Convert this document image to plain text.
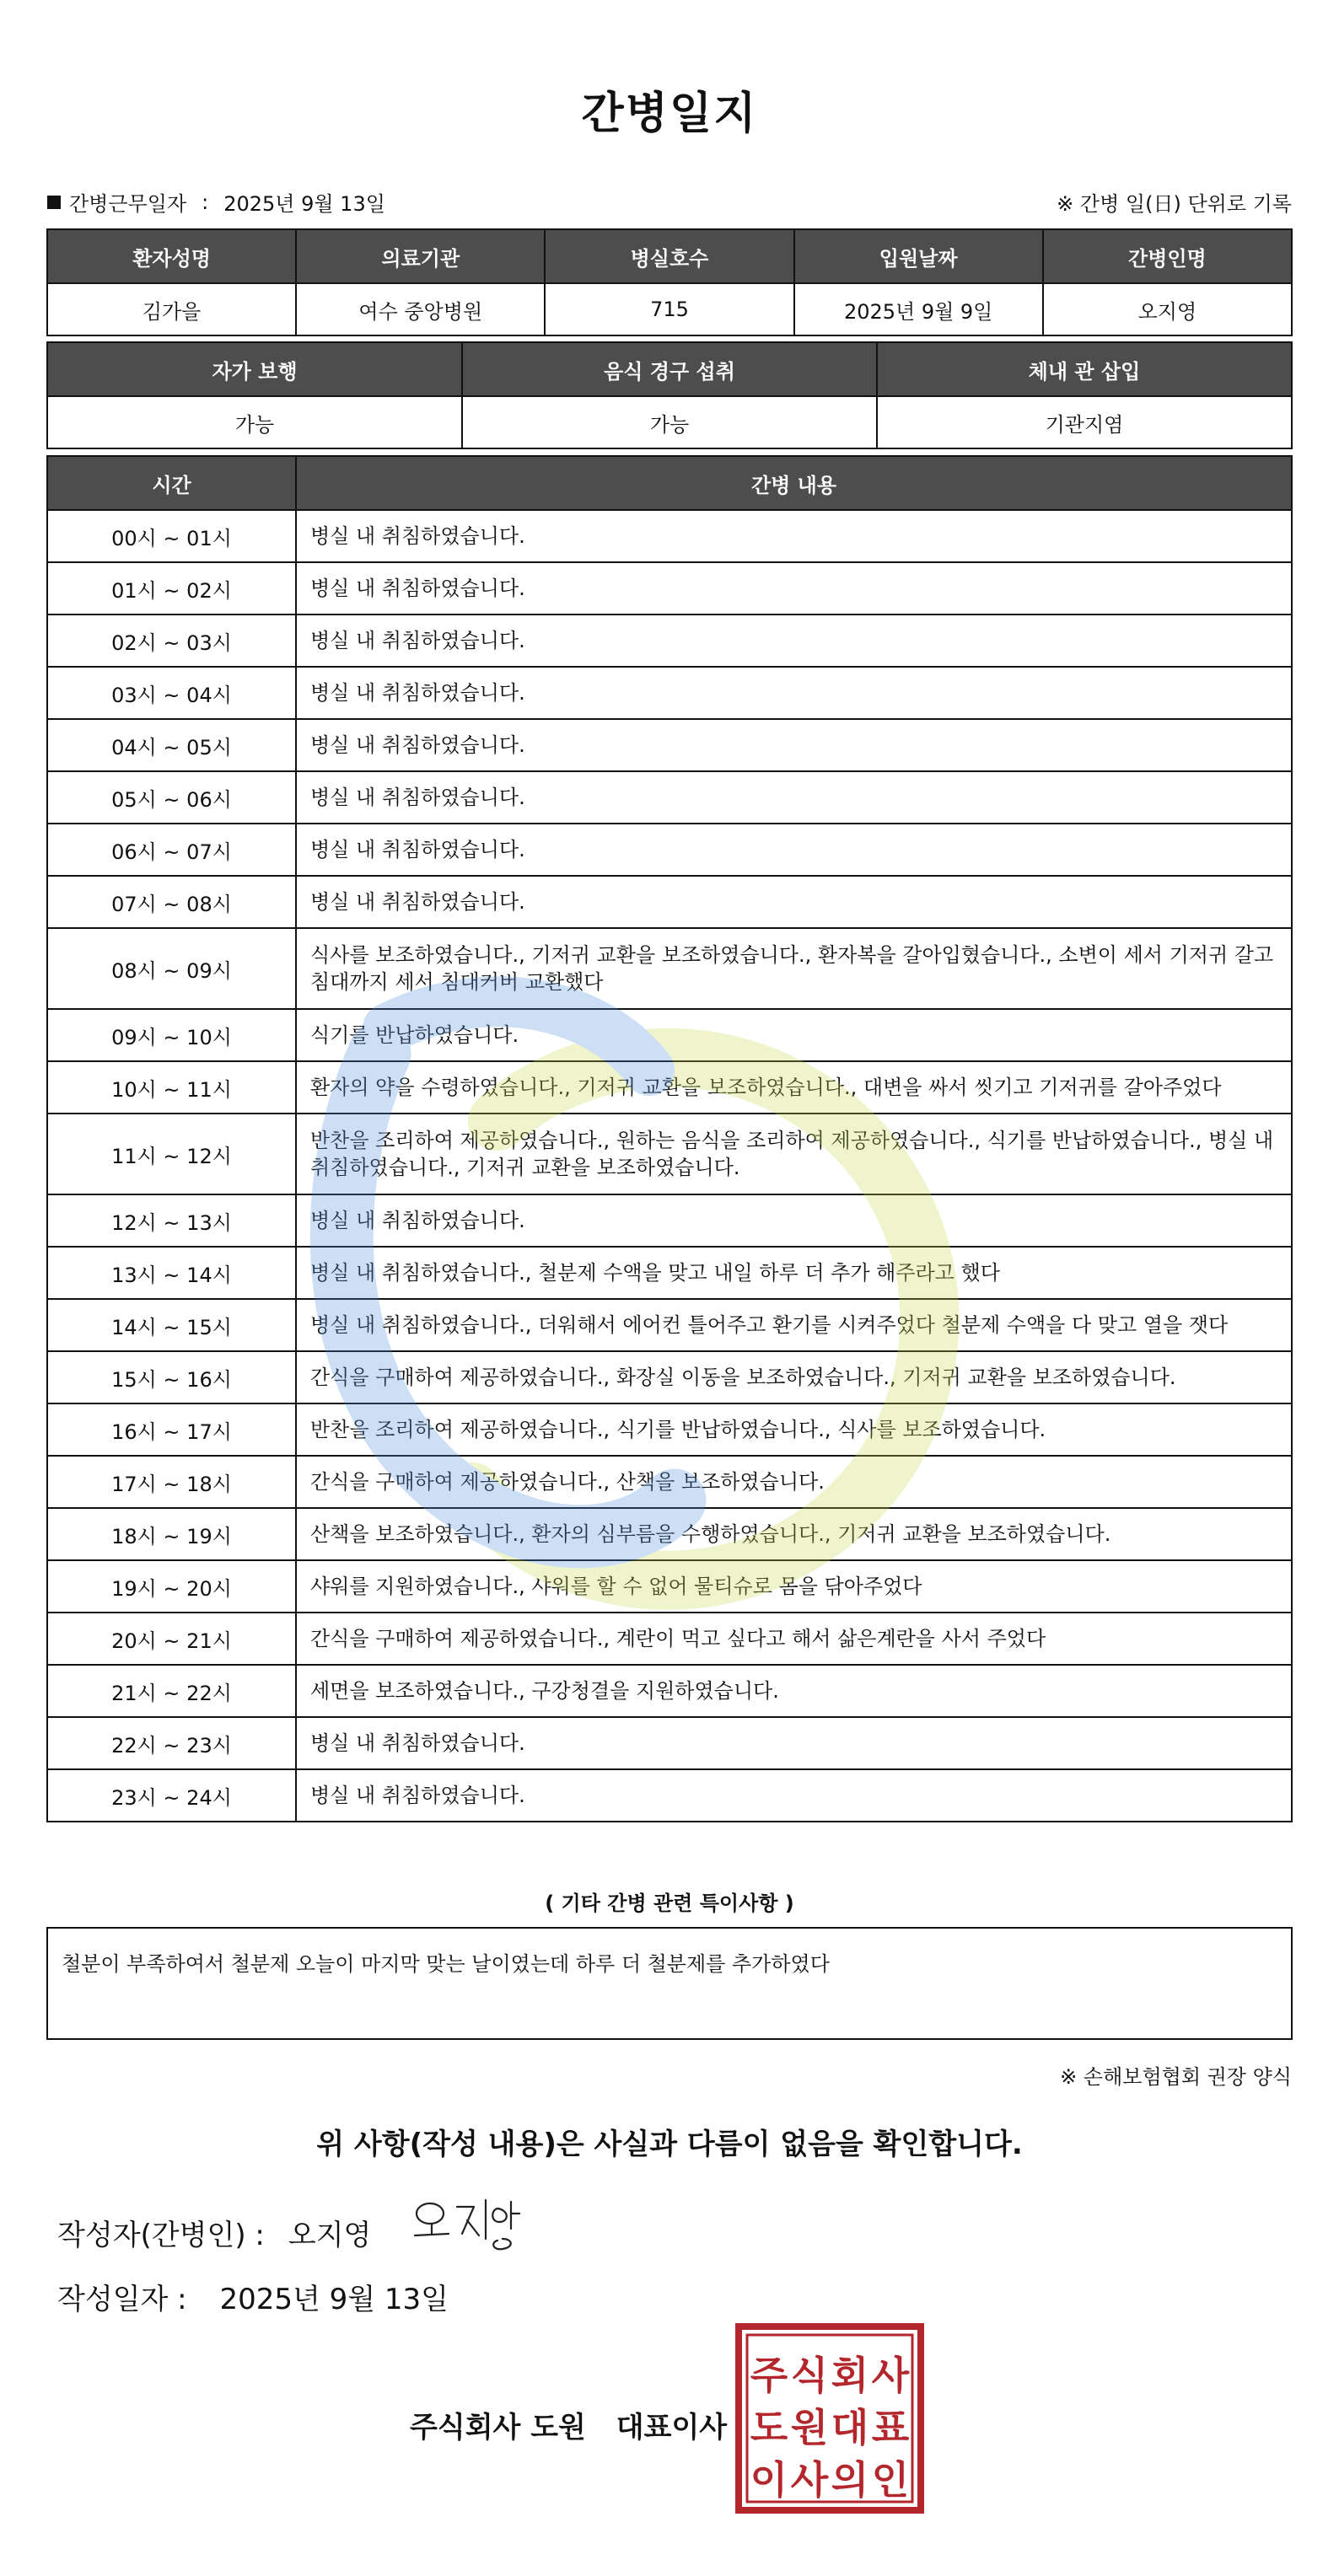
간병일지
간병근무일자 : 2025년 9월 13일	※ 간병 일(日) 단위로 기록
환자성명	의료기관	병실호수	입원날짜	간병인명
김가을	여수 중앙병원	715	2025년 9월 9일	오지영
자가 보행	음식 경구 섭취	체내 관 삽입
가능	가능	기관지염
시간	간병 내용
00시 ~ 01시	병실 내 취침하였습니다.
01시 ~ 02시	병실 내 취침하였습니다.
02시 ~ 03시	병실 내 취침하였습니다.
03시 ~ 04시	병실 내 취침하였습니다.
04시 ~ 05시	병실 내 취침하였습니다.
05시 ~ 06시	병실 내 취침하였습니다.
06시 ~ 07시	병실 내 취침하였습니다.
07시 ~ 08시	병실 내 취침하였습니다.
08시 ~ 09시	식사를 보조하였습니다., 기저귀 교환을 보조하였습니다., 환자복을 갈아입혔습니다., 소변이 세서 기저귀 갈고 침대까지 세서 침대커버 교환했다
09시 ~ 10시	식기를 반납하였습니다.
10시 ~ 11시	환자의 약을 수령하였습니다., 기저귀 교환을 보조하였습니다., 대변을 싸서 씻기고 기저귀를 갈아주었다
11시 ~ 12시	반찬을 조리하여 제공하였습니다., 원하는 음식을 조리하여 제공하였습니다., 식기를 반납하였습니다., 병실 내 취침하였습니다., 기저귀 교환을 보조하였습니다.
12시 ~ 13시	병실 내 취침하였습니다.
13시 ~ 14시	병실 내 취침하였습니다., 철분제 수액을 맞고 내일 하루 더 추가 해주라고 했다
14시 ~ 15시	병실 내 취침하였습니다., 더워해서 에어컨 틀어주고 환기를 시켜주었다 철분제 수액을 다 맞고 열을 잿다
15시 ~ 16시	간식을 구매하여 제공하였습니다., 화장실 이동을 보조하였습니다., 기저귀 교환을 보조하였습니다.
16시 ~ 17시	반찬을 조리하여 제공하였습니다., 식기를 반납하였습니다., 식사를 보조하였습니다.
17시 ~ 18시	간식을 구매하여 제공하였습니다., 산책을 보조하였습니다.
18시 ~ 19시	산책을 보조하였습니다., 환자의 심부름을 수행하였습니다., 기저귀 교환을 보조하였습니다.
19시 ~ 20시	샤워를 지원하였습니다., 샤워를 할 수 없어 물티슈로 몸을 닦아주었다
20시 ~ 21시	간식을 구매하여 제공하였습니다., 계란이 먹고 싶다고 해서 삶은계란을 사서 주었다
21시 ~ 22시	세면을 보조하였습니다., 구강청결을 지원하였습니다.
22시 ~ 23시	병실 내 취침하였습니다.
23시 ~ 24시	병실 내 취침하였습니다.
( 기타 간병 관련 특이사항 )
철분이 부족하여서 철분제 오늘이 마지막 맞는 날이였는데 하루 더 철분제를 추가하였다
※ 손해보험협회 권장 양식
위 사항(작성 내용)은 사실과 다름이 없음을 확인합니다.
작성자(간병인) : 오지영
작성일자 : 2025년 9월 13일
주식회사 도원 대표이사
주 식 회 사
도 원 대 표
이 사 의 인
